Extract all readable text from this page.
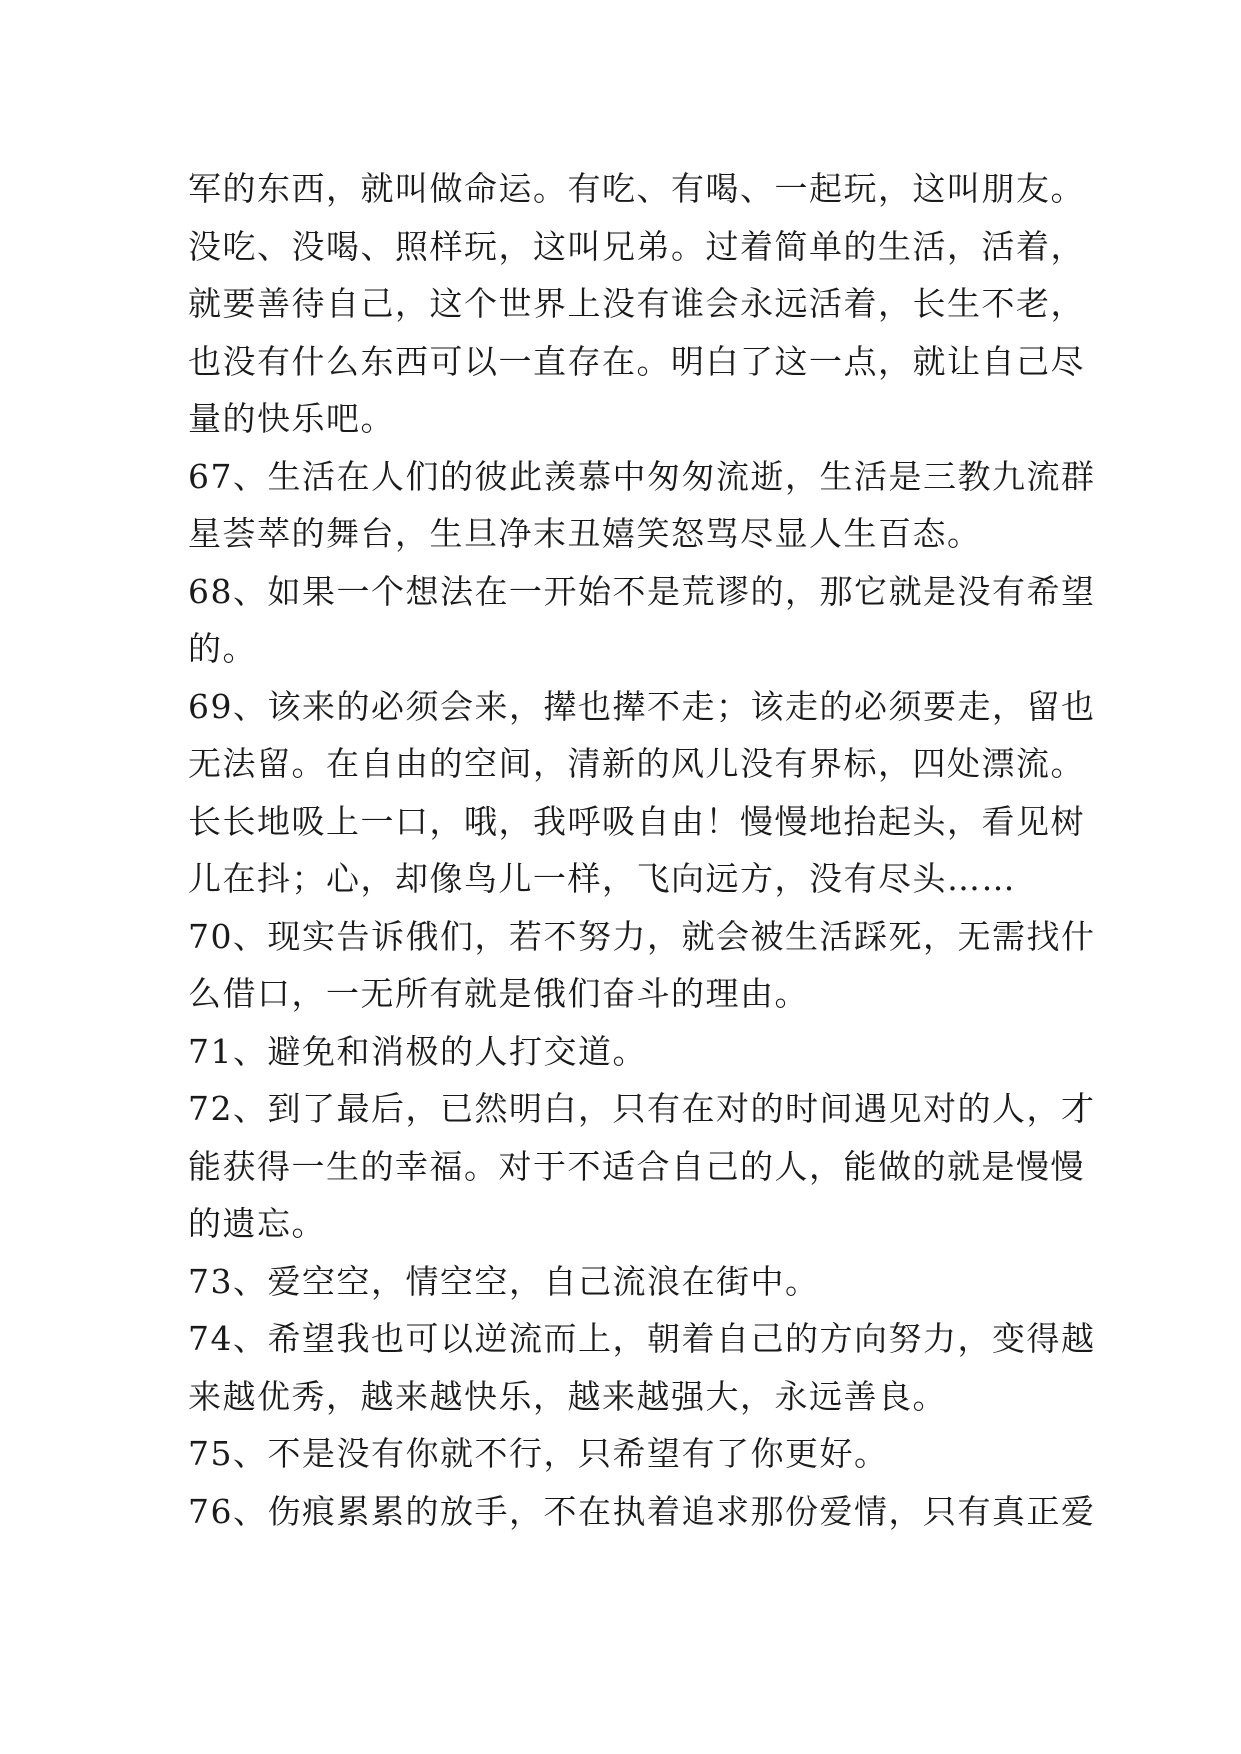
军的东西，就叫做命运。有吃、有喝、一起玩，这叫朋友。
没吃、没喝、照样玩，这叫兄弟。过着简单的生活，活着，
就要善待自己，这个世界上没有谁会永远活着，长生不老，
也没有什么东西可以一直存在。明白了这一点，就让自己尽
量的快乐吧。
67、生活在人们的彼此羡慕中匆匆流逝，生活是三教九流群
星荟萃的舞台，生旦净末丑嬉笑怒骂尽显人生百态。
68、如果一个想法在一开始不是荒谬的，那它就是没有希望
的。
69、该来的必须会来，撵也撵不走；该走的必须要走，留也
无法留。在自由的空间，清新的风儿没有界标，四处漂流。
长长地吸上一口，哦，我呼吸自由！慢慢地抬起头，看见树
儿在抖；心，却像鸟儿一样，飞向远方，没有尽头……
70、现实告诉俄们，若不努力，就会被生活踩死，无需找什
么借口，一无所有就是俄们奋斗的理由。
71、避免和消极的人打交道。
72、到了最后，已然明白，只有在对的时间遇见对的人，才
能获得一生的幸福。对于不适合自己的人，能做的就是慢慢
的遗忘。
73、爱空空，情空空，自己流浪在街中。
74、希望我也可以逆流而上，朝着自己的方向努力，变得越
来越优秀，越来越快乐，越来越强大，永远善良。
75、不是没有你就不行，只希望有了你更好。
76、伤痕累累的放手，不在执着追求那份爱情，只有真正爱
